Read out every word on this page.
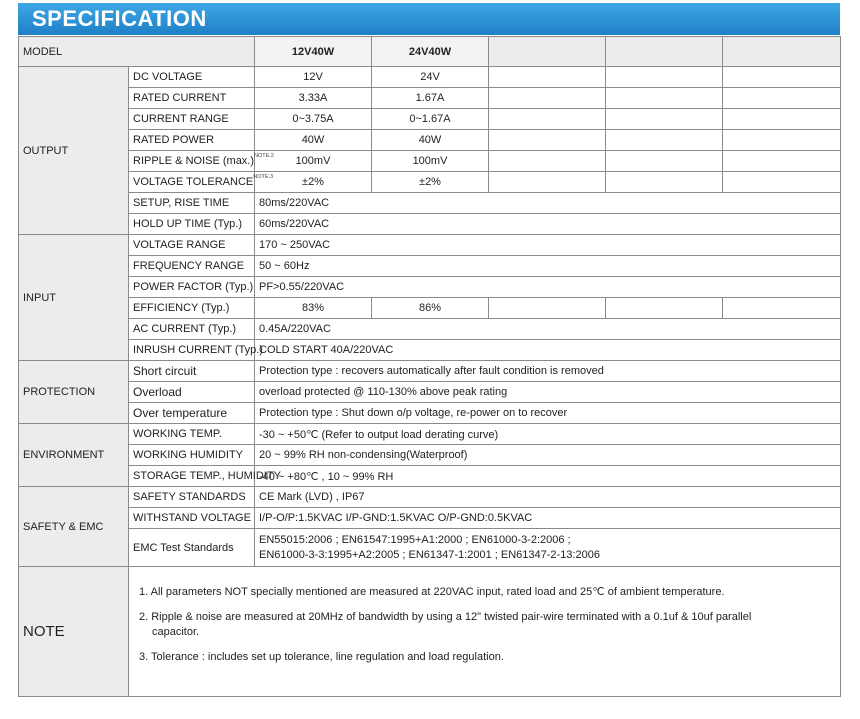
SPECIFICATION
MODEL		12V40W	24V40W			
OUTPUT	DC VOLTAGE	12V	24V			
	RATED CURRENT	3.33A	1.67A			
	CURRENT RANGE	0~3.75A	0~1.67A			
	RATED POWER	40W	40W			
	RIPPLE & NOISE (max.)$^{NOTE.2}$	100mV	100mV			
	VOLTAGE TOLERANCE$^{NOTE.3}$	±2%	±2%			
	SETUP, RISE TIME	80ms/220VAC				
	HOLD UP TIME (Typ.)	60ms/220VAC				
INPUT	VOLTAGE RANGE	170 ~ 250VAC				
	FREQUENCY RANGE	50 ~ 60Hz				
	POWER FACTOR (Typ.)	PF>0.55/220VAC				
	EFFICIENCY (Typ.)	83%	86%			
	AC CURRENT (Typ.)	0.45A/220VAC				
	INRUSH CURRENT (Typ.)	COLD START 40A/220VAC				
PROTECTION	Short circuit	Protection type : recovers automatically after fault condition is removed				
	Overload	overload protected @ 110-130% above peak rating				
	Over temperature	Protection type : Shut down o/p voltage, re-power on to recover				
ENVIRONMENT	WORKING TEMP.	-30 ~ +50℃ (Refer to output load derating curve)				
	WORKING HUMIDITY	20 ~ 99% RH non-condensing(Waterproof)				
	STORAGE TEMP., HUMIDITY	-40 ~ +80℃ , 10 ~ 99% RH				
SAFETY & EMC	SAFETY STANDARDS	CE Mark (LVD) , IP67				
	WITHSTAND VOLTAGE	I/P-O/P:1.5KVAC I/P-GND:1.5KVAC O/P-GND:0.5KVAC				
	EMC Test Standards	EN55015:2006 ; EN61547:1995+A1:2000 ; EN61000-3-2:2006 ;
EN61000-3-3:1995+A2:2005 ; EN61347-1:2001 ; EN61347-2-13:2006				

NOTE	1. All parameters NOT specially mentioned are measured at 220VAC input, rated load and 25℃ of ambient temperature.

2. Ripple & noise are measured at 20MHz of bandwidth by using a 12" twisted pair-wire terminated with a 0.1uf & 10uf parallel

capacitor.

3. Tolerance : includes set up tolerance, line regulation and load regulation.					
